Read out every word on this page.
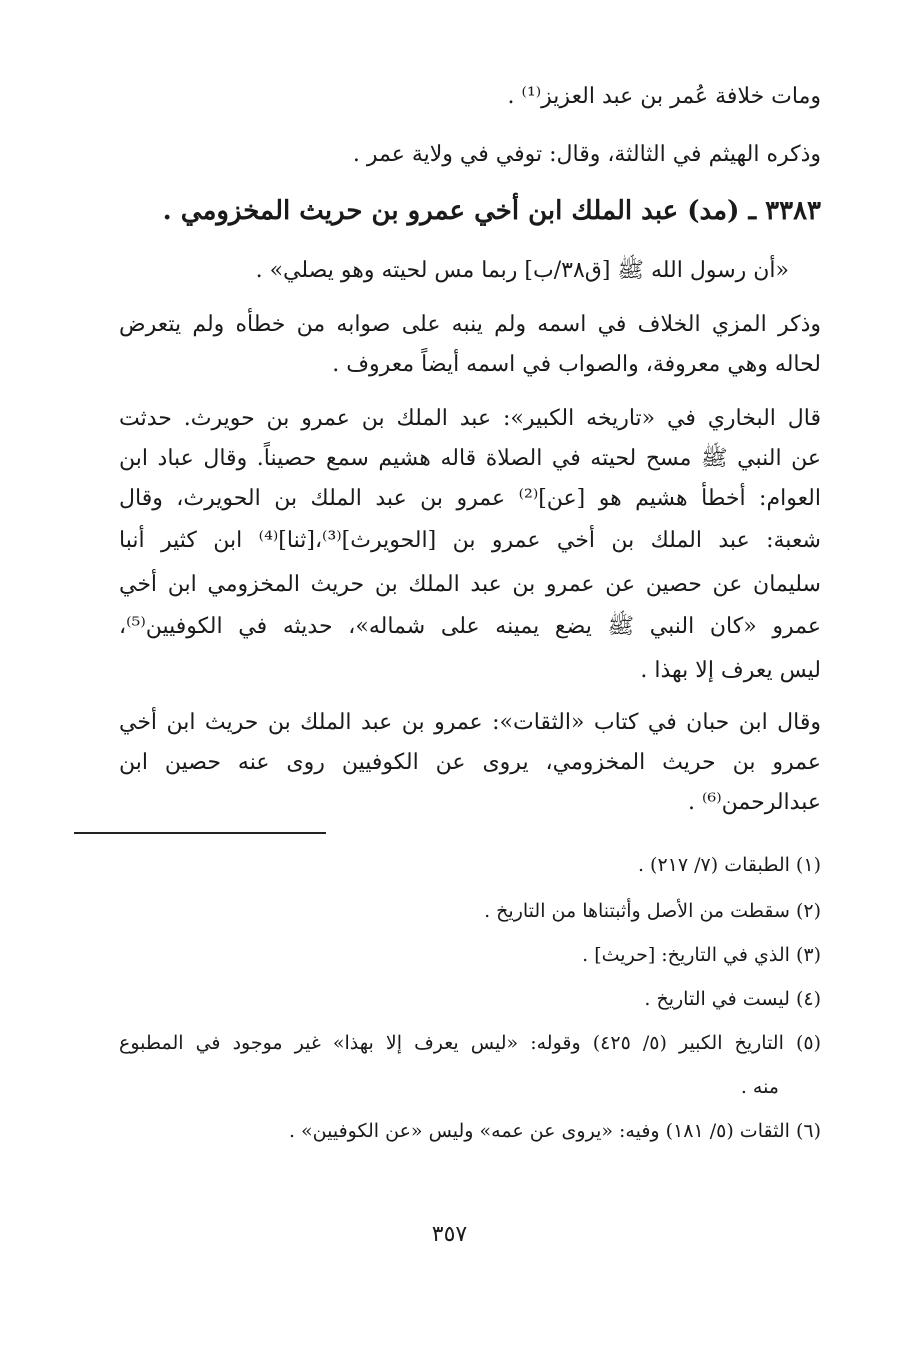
ومات خلافة عُمر بن عبد العزيز⁽¹⁾ .
وذكره الهيثم في الثالثة، وقال: توفي في ولاية عمر .
٣٣٨٣ ـ (مد) عبد الملك ابن أخي عمرو بن حريث المخزومي .
«أن رسول الله ﷺ [ق٣٨/ب] ربما مس لحيته وهو يصلي» .
وذكر المزي الخلاف في اسمه ولم ينبه على صوابه من خطأه ولم يتعرض
لحاله وهي معروفة، والصواب في اسمه أيضاً معروف .
قال البخاري في «تاريخه الكبير»: عبد الملك بن عمرو بن حويرث. حدثت
عن النبي ﷺ مسح لحيته في الصلاة قاله هشيم سمع حصيناً. وقال عباد ابن
العوام: أخطأ هشيم هو [عن]⁽²⁾ عمرو بن عبد الملك بن الحويرث، وقال
شعبة: عبد الملك بن أخي عمرو بن [الحويرث]⁽³⁾،[ثنا]⁽⁴⁾ ابن كثير أنبا
سليمان عن حصين عن عمرو بن عبد الملك بن حريث المخزومي ابن أخي
عمرو «كان النبي ﷺ يضع يمينه على شماله»، حديثه في الكوفيين⁽⁵⁾،
ليس يعرف إلا بهذا .
وقال ابن حبان في كتاب «الثقات»: عمرو بن عبد الملك بن حريث ابن أخي
عمرو بن حريث المخزومي، يروى عن الكوفيين روى عنه حصين ابن
عبدالرحمن⁽⁶⁾ .
(١) الطبقات (٧/ ٢١٧) .
(٢) سقطت من الأصل وأثبتناها من التاريخ .
(٣) الذي في التاريخ: [حريث] .
(٤) ليست في التاريخ .
(٥) التاريخ الكبير (٥/ ٤٢٥) وقوله: «ليس يعرف إلا بهذا» غير موجود في المطبوع
منه .
(٦) الثقات (٥/ ١٨١) وفيه: «يروى عن عمه» وليس «عن الكوفيين» .
٣٥٧
